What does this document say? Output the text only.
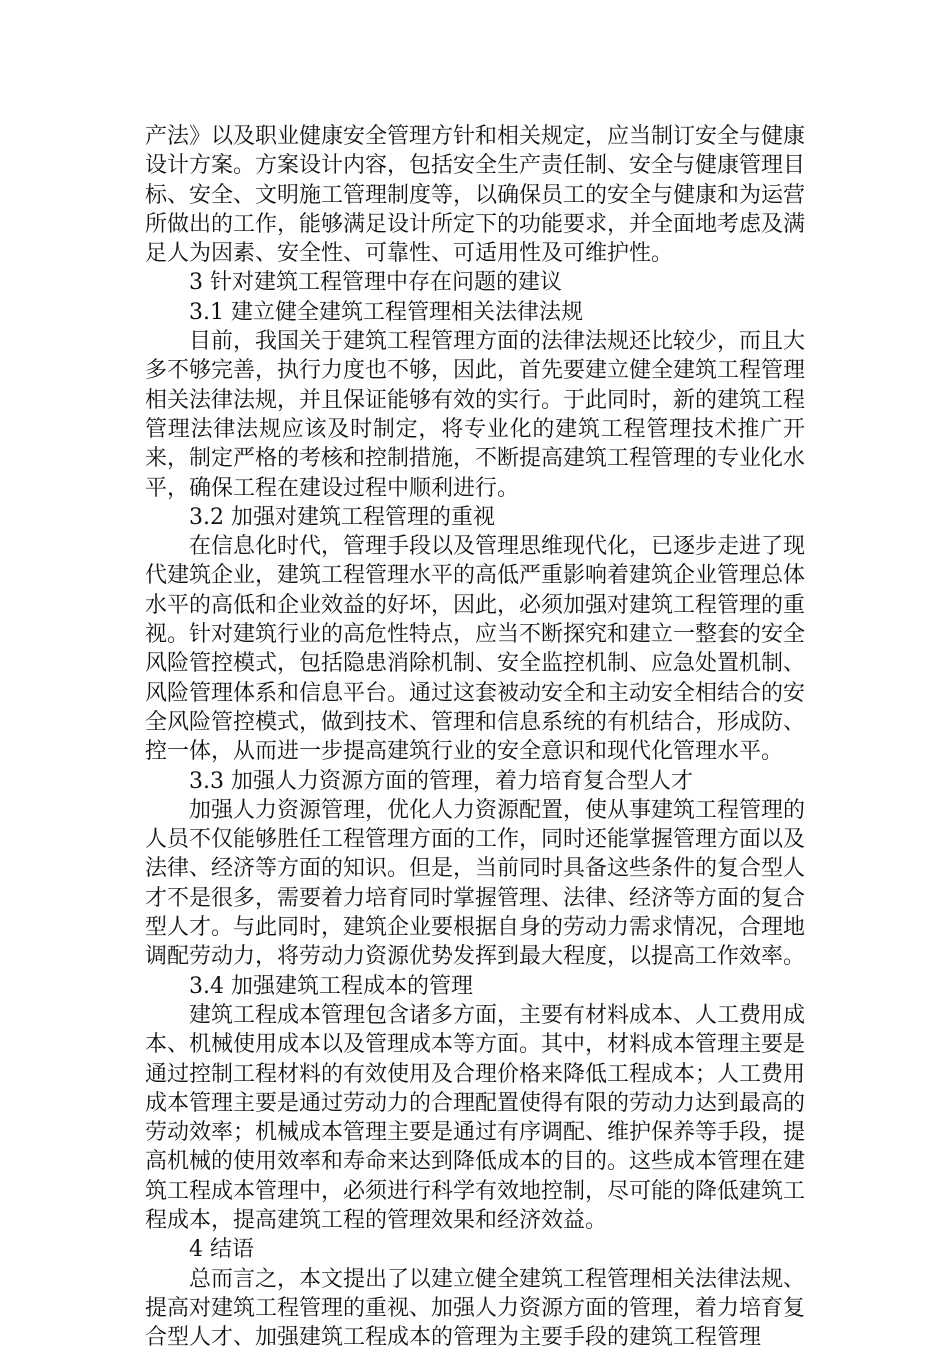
产法》以及职业健康安全管理方针和相关规定，应当制订安全与健康设计方案。方案设计内容，包括安全生产责任制、安全与健康管理目标、安全、文明施工管理制度等，以确保员工的安全与健康和为运营所做出的工作，能够满足设计所定下的功能要求，并全面地考虑及满足人为因素、安全性、可靠性、可适用性及可维护性。

3 针对建筑工程管理中存在问题的建议

3.1 建立健全建筑工程管理相关法律法规

目前，我国关于建筑工程管理方面的法律法规还比较少，而且大多不够完善，执行力度也不够，因此，首先要建立健全建筑工程管理相关法律法规，并且保证能够有效的实行。于此同时，新的建筑工程管理法律法规应该及时制定，将专业化的建筑工程管理技术推广开来，制定严格的考核和控制措施，不断提高建筑工程管理的专业化水平，确保工程在建设过程中顺利进行。

3.2 加强对建筑工程管理的重视

在信息化时代，管理手段以及管理思维现代化，已逐步走进了现代建筑企业，建筑工程管理水平的高低严重影响着建筑企业管理总体水平的高低和企业效益的好坏，因此，必须加强对建筑工程管理的重视。针对建筑行业的高危性特点，应当不断探究和建立一整套的安全风险管控模式，包括隐患消除机制、安全监控机制、应急处置机制、风险管理体系和信息平台。通过这套被动安全和主动安全相结合的安全风险管控模式，做到技术、管理和信息系统的有机结合，形成防、控一体，从而进一步提高建筑行业的安全意识和现代化管理水平。

3.3 加强人力资源方面的管理，着力培育复合型人才

加强人力资源管理，优化人力资源配置，使从事建筑工程管理的人员不仅能够胜任工程管理方面的工作，同时还能掌握管理方面以及法律、经济等方面的知识。但是，当前同时具备这些条件的复合型人才不是很多，需要着力培育同时掌握管理、法律、经济等方面的复合型人才。与此同时，建筑企业要根据自身的劳动力需求情况，合理地调配劳动力，将劳动力资源优势发挥到最大程度，以提高工作效率。

3.4 加强建筑工程成本的管理

建筑工程成本管理包含诸多方面，主要有材料成本、人工费用成本、机械使用成本以及管理成本等方面。其中，材料成本管理主要是通过控制工程材料的有效使用及合理价格来降低工程成本；人工费用成本管理主要是通过劳动力的合理配置使得有限的劳动力达到最高的劳动效率；机械成本管理主要是通过有序调配、维护保养等手段，提高机械的使用效率和寿命来达到降低成本的目的。这些成本管理在建筑工程成本管理中，必须进行科学有效地控制，尽可能的降低建筑工程成本，提高建筑工程的管理效果和经济效益。

4 结语

总而言之，本文提出了以建立健全建筑工程管理相关法律法规、提高对建筑工程管理的重视、加强人力资源方面的管理，着力培育复合型人才、加强建筑工程成本的管理为主要手段的建筑工程管理
